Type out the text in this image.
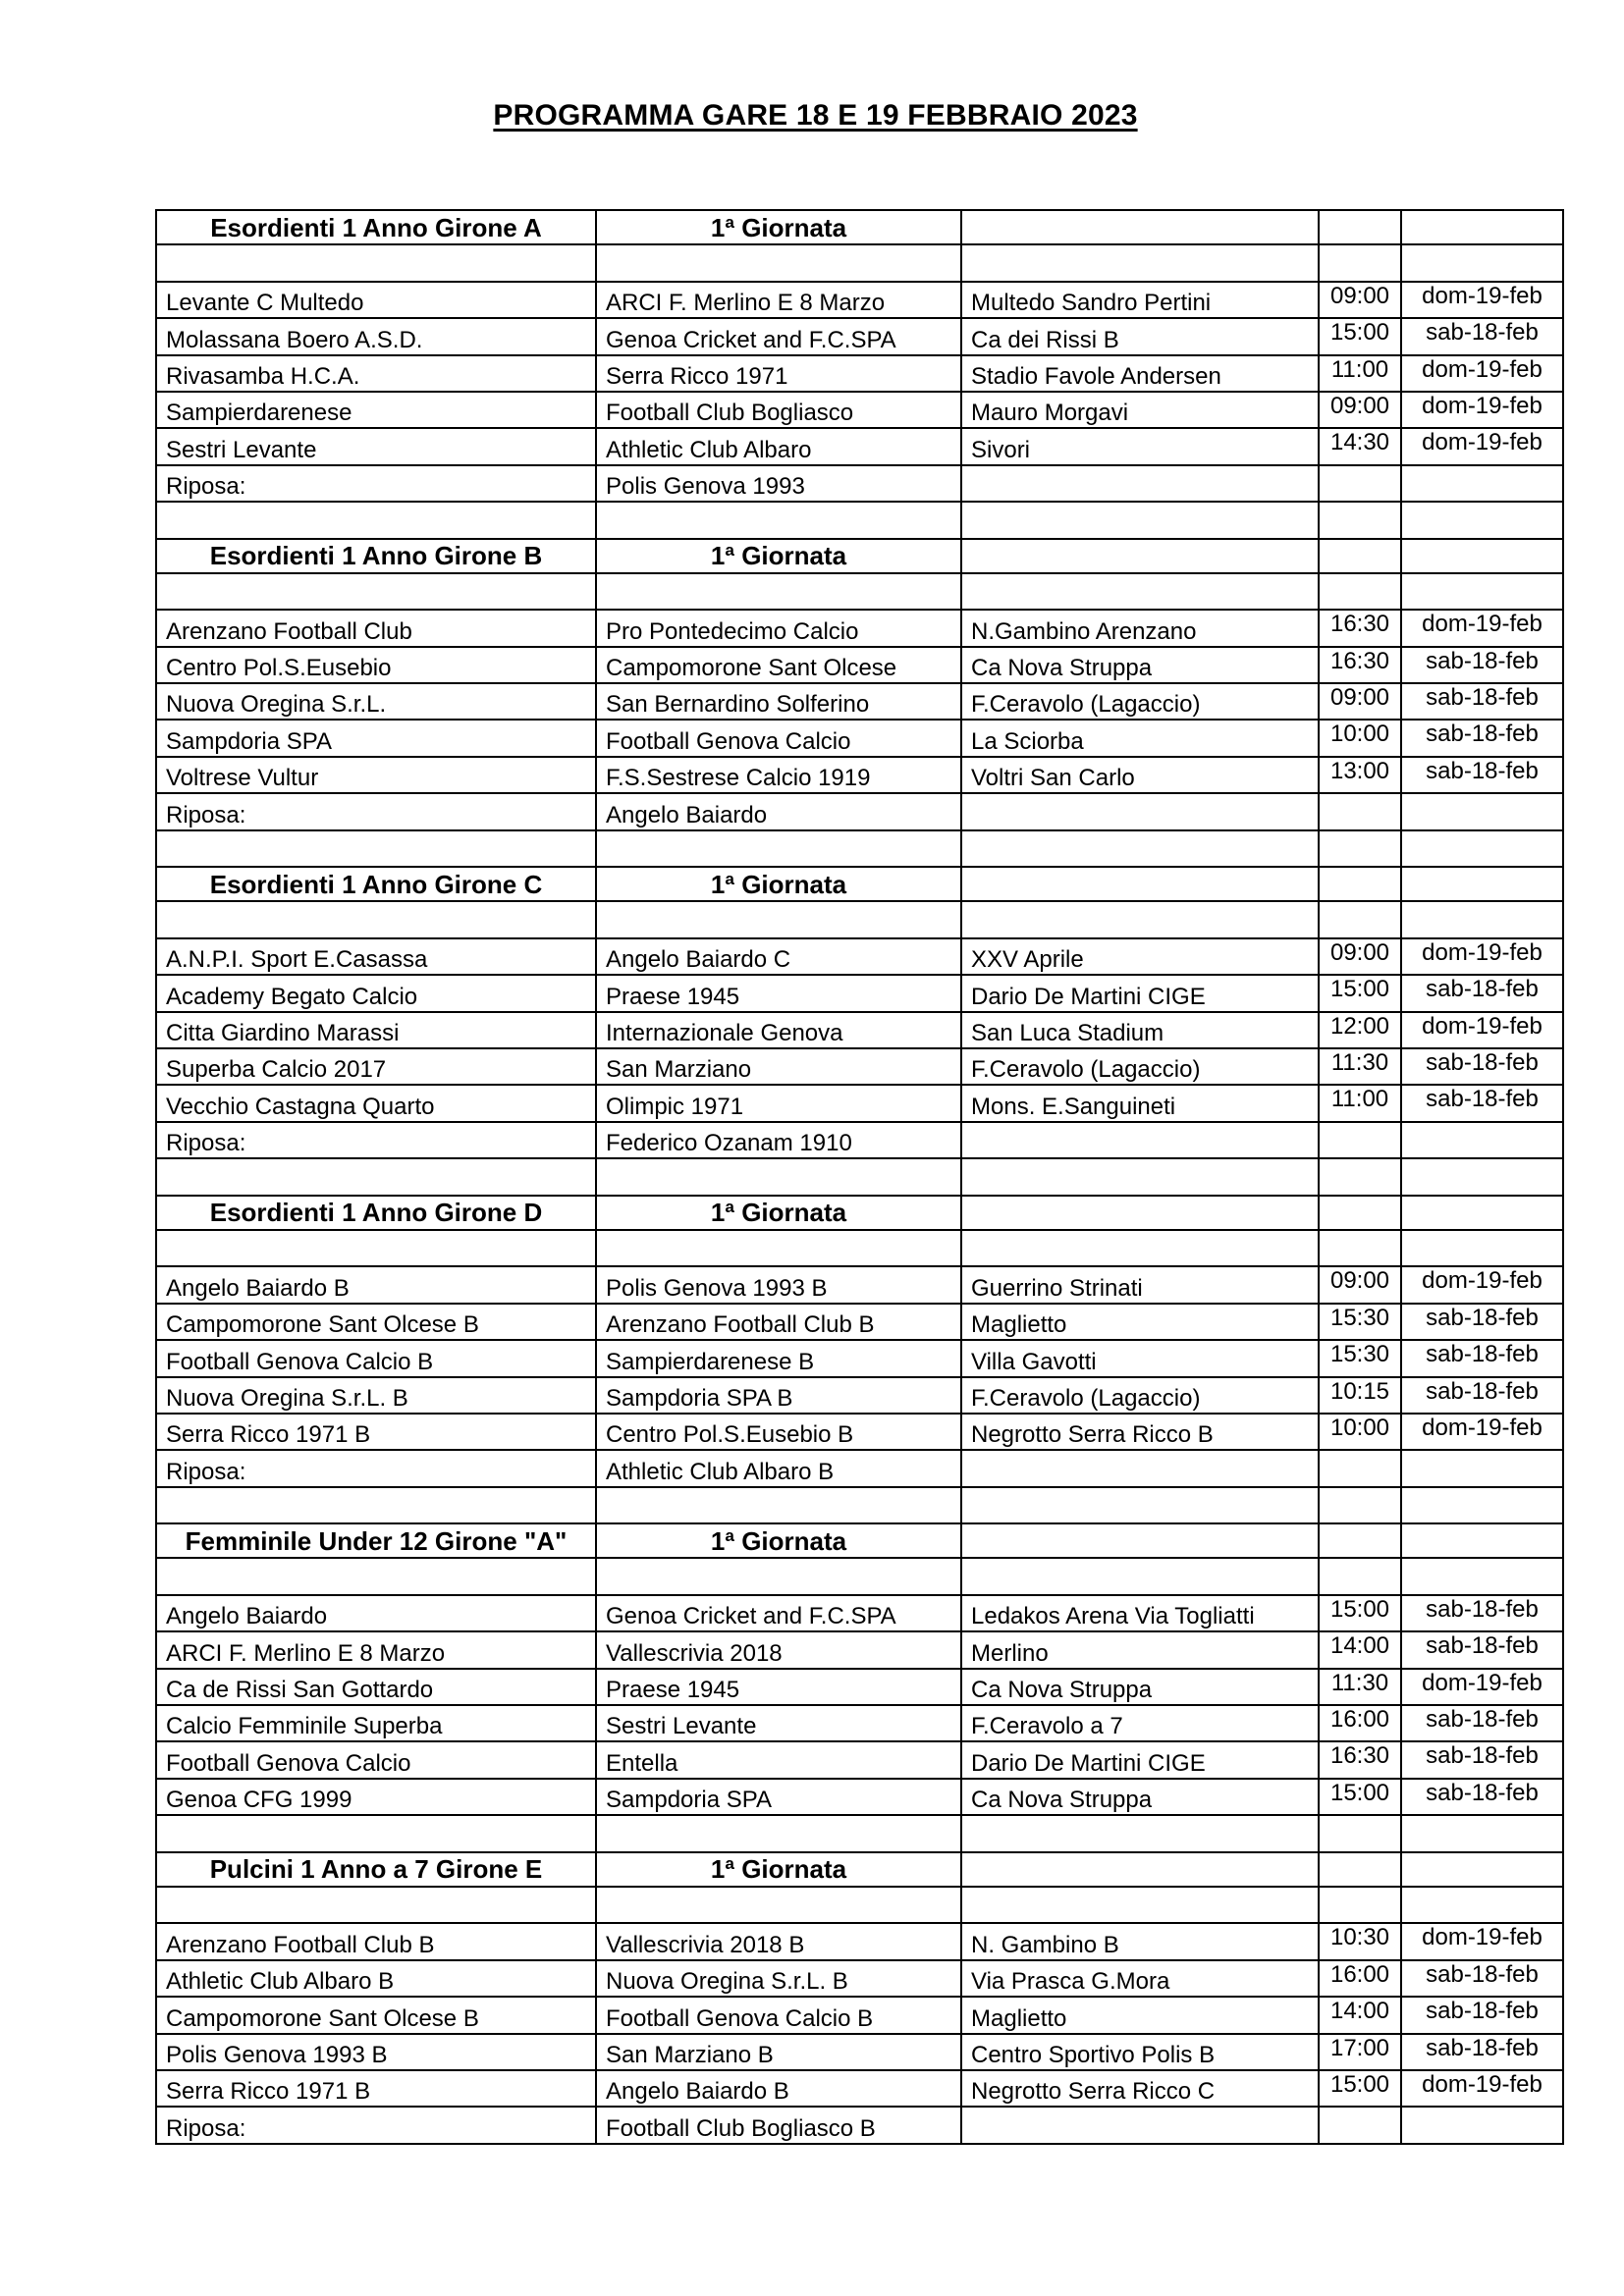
PROGRAMMA GARE 18 E 19 FEBBRAIO 2023
Esordienti 1 Anno Girone A	1ª Giornata			

Levante C Multedo	ARCI F. Merlino E 8 Marzo	Multedo Sandro Pertini	09:00	dom-19-feb
Molassana Boero A.S.D.	Genoa Cricket and F.C.SPA	Ca dei Rissi B	15:00	sab-18-feb
Rivasamba H.C.A.	Serra Ricco 1971	Stadio Favole Andersen	11:00	dom-19-feb
Sampierdarenese	Football Club Bogliasco	Mauro Morgavi	09:00	dom-19-feb
Sestri Levante	Athletic Club Albaro	Sivori	14:30	dom-19-feb
Riposa:	Polis Genova 1993			

Esordienti 1 Anno Girone B	1ª Giornata			

Arenzano Football Club	Pro Pontedecimo Calcio	N.Gambino Arenzano	16:30	dom-19-feb
Centro Pol.S.Eusebio	Campomorone Sant Olcese	Ca Nova Struppa	16:30	sab-18-feb
Nuova Oregina S.r.L.	San Bernardino Solferino	F.Ceravolo (Lagaccio)	09:00	sab-18-feb
Sampdoria SPA	Football Genova Calcio	La Sciorba	10:00	sab-18-feb
Voltrese Vultur	F.S.Sestrese Calcio 1919	Voltri San Carlo	13:00	sab-18-feb
Riposa:	Angelo Baiardo			

Esordienti 1 Anno Girone C	1ª Giornata			

A.N.P.I. Sport E.Casassa	Angelo Baiardo C	XXV Aprile	09:00	dom-19-feb
Academy Begato Calcio	Praese 1945	Dario De Martini CIGE	15:00	sab-18-feb
Citta Giardino Marassi	Internazionale Genova	San Luca Stadium	12:00	dom-19-feb
Superba Calcio 2017	San Marziano	F.Ceravolo (Lagaccio)	11:30	sab-18-feb
Vecchio Castagna Quarto	Olimpic 1971	Mons. E.Sanguineti	11:00	sab-18-feb
Riposa:	Federico Ozanam 1910			

Esordienti 1 Anno Girone D	1ª Giornata			

Angelo Baiardo B	Polis Genova 1993 B	Guerrino Strinati	09:00	dom-19-feb
Campomorone Sant Olcese B	Arenzano Football Club B	Maglietto	15:30	sab-18-feb
Football Genova Calcio B	Sampierdarenese B	Villa Gavotti	15:30	sab-18-feb
Nuova Oregina S.r.L. B	Sampdoria SPA B	F.Ceravolo (Lagaccio)	10:15	sab-18-feb
Serra Ricco 1971 B	Centro Pol.S.Eusebio B	Negrotto Serra Ricco B	10:00	dom-19-feb
Riposa:	Athletic Club Albaro B			

Femminile Under 12 Girone "A"	1ª Giornata			

Angelo Baiardo	Genoa Cricket and F.C.SPA	Ledakos Arena Via Togliatti	15:00	sab-18-feb
ARCI F. Merlino E 8 Marzo	Vallescrivia 2018	Merlino	14:00	sab-18-feb
Ca de Rissi San Gottardo	Praese 1945	Ca Nova Struppa	11:30	dom-19-feb
Calcio Femminile Superba	Sestri Levante	F.Ceravolo a 7	16:00	sab-18-feb
Football Genova Calcio	Entella	Dario De Martini CIGE	16:30	sab-18-feb
Genoa CFG 1999	Sampdoria SPA	Ca Nova Struppa	15:00	sab-18-feb

Pulcini 1 Anno a 7 Girone E	1ª Giornata			

Arenzano Football Club B	Vallescrivia 2018 B	N. Gambino B	10:30	dom-19-feb
Athletic Club Albaro B	Nuova Oregina S.r.L. B	Via Prasca G.Mora	16:00	sab-18-feb
Campomorone Sant Olcese B	Football Genova Calcio B	Maglietto	14:00	sab-18-feb
Polis Genova 1993 B	San Marziano B	Centro Sportivo Polis B	17:00	sab-18-feb
Serra Ricco 1971 B	Angelo Baiardo B	Negrotto Serra Ricco C	15:00	dom-19-feb
Riposa:	Football Club Bogliasco B			
